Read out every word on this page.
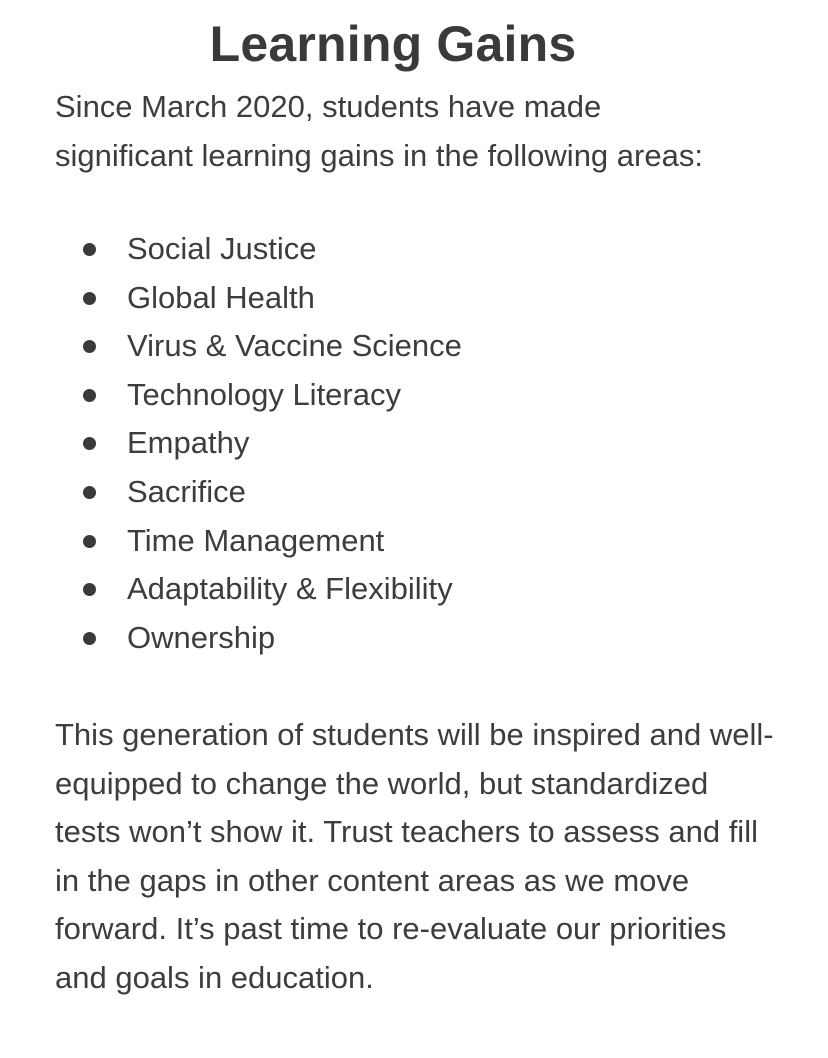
Learning Gains

Since March 2020, students have made significant learning gains in the following areas:

Social Justice
Global Health
Virus & Vaccine Science
Technology Literacy
Empathy
Sacrifice
Time Management
Adaptability & Flexibility
Ownership

This generation of students will be inspired and well-equipped to change the world, but standardized tests won’t show it. Trust teachers to assess and fill in the gaps in other content areas as we move forward. It’s past time to re-evaluate our priorities and goals in education.
